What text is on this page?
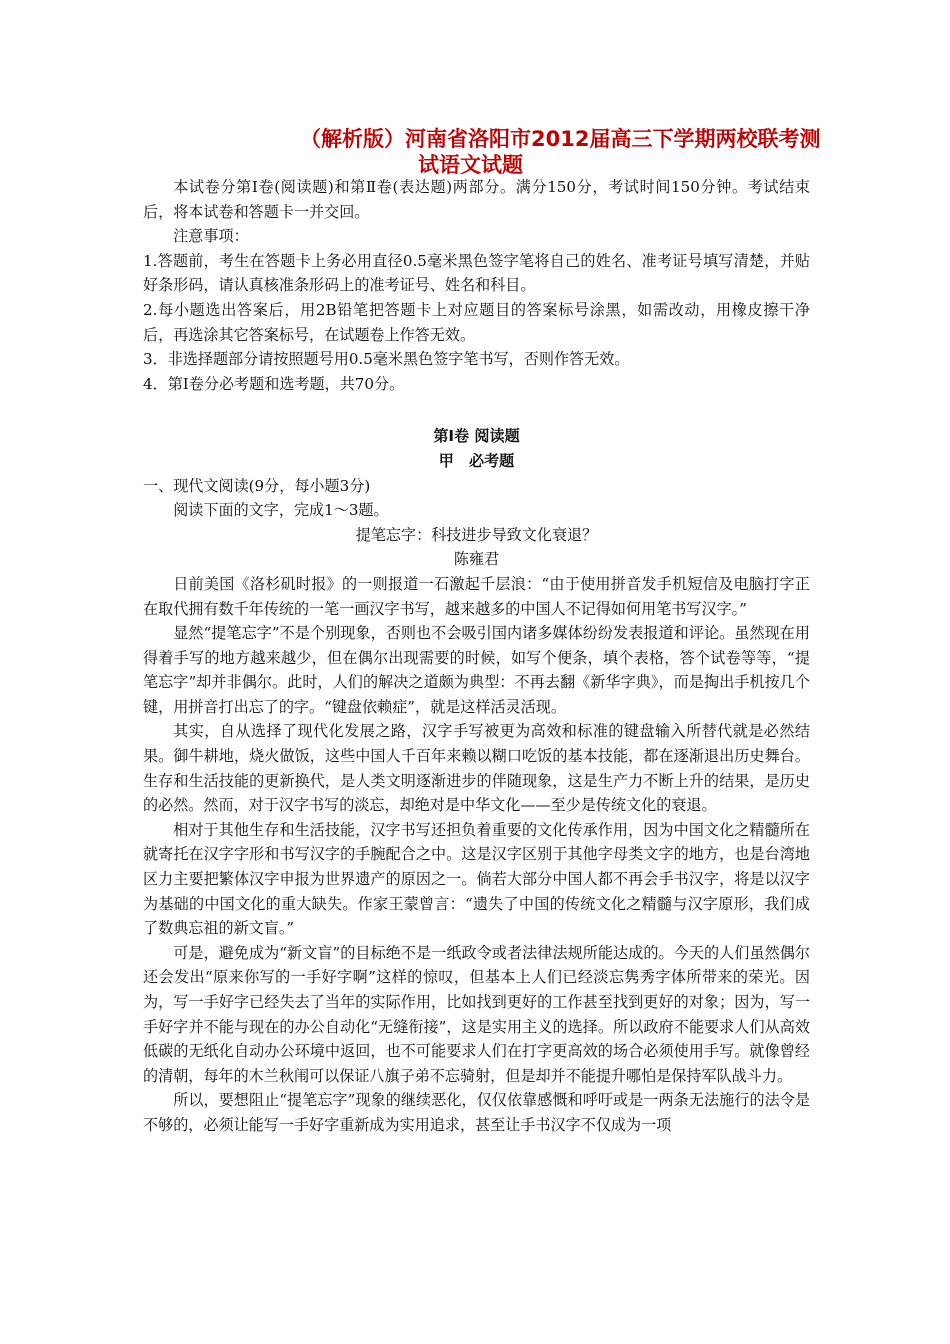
（解析版）河南省洛阳市2012届高三下学期两校联考测
试语文试题

本试卷分第Ⅰ卷(阅读题)和第Ⅱ卷(表达题)两部分。满分150分，考试时间150分钟。考试结束后，将本试卷和答题卡一并交回。

注意事项：

1.答题前，考生在答题卡上务必用直径0.5毫米黑色签字笔将自己的姓名、准考证号填写清楚，并贴好条形码，请认真核准条形码上的准考证号、姓名和科目。

2.每小题选出答案后，用2B铅笔把答题卡上对应题目的答案标号涂黑，如需改动，用橡皮擦干净后，再选涂其它答案标号，在试题卷上作答无效。

3．非选择题部分请按照题号用0.5毫米黑色签字笔书写，否则作答无效。

4．第Ⅰ卷分必考题和选考题，共70分。

第Ⅰ卷 阅读题

甲　必考题

一、现代文阅读(9分，每小题3分)

阅读下面的文字，完成1～3题。

提笔忘字：科技进步导致文化衰退？

陈雍君

日前美国《洛杉矶时报》的一则报道一石激起千层浪：“由于使用拼音发手机短信及电脑打字正在取代拥有数千年传统的一笔一画汉字书写，越来越多的中国人不记得如何用笔书写汉字。”

显然“提笔忘字”不是个别现象，否则也不会吸引国内诸多媒体纷纷发表报道和评论。虽然现在用得着手写的地方越来越少，但在偶尔出现需要的时候，如写个便条，填个表格，答个试卷等等，“提笔忘字”却并非偶尔。此时，人们的解决之道颇为典型：不再去翻《新华字典》，而是掏出手机按几个键，用拼音打出忘了的字。“键盘依赖症”，就是这样活灵活现。

其实，自从选择了现代化发展之路，汉字手写被更为高效和标准的键盘输入所替代就是必然结果。御牛耕地，烧火做饭，这些中国人千百年来赖以糊口吃饭的基本技能，都在逐渐退出历史舞台。生存和生活技能的更新换代，是人类文明逐渐进步的伴随现象，这是生产力不断上升的结果，是历史的必然。然而，对于汉字书写的淡忘，却绝对是中华文化——至少是传统文化的衰退。

相对于其他生存和生活技能，汉字书写还担负着重要的文化传承作用，因为中国文化之精髓所在就寄托在汉字字形和书写汉字的手腕配合之中。这是汉字区别于其他字母类文字的地方，也是台湾地区力主要把繁体汉字申报为世界遗产的原因之一。倘若大部分中国人都不再会手书汉字，将是以汉字为基础的中国文化的重大缺失。作家王蒙曾言：“遗失了中国的传统文化之精髓与汉字原形，我们成了数典忘祖的新文盲。”

可是，避免成为“新文盲”的目标绝不是一纸政令或者法律法规所能达成的。今天的人们虽然偶尔还会发出“原来你写的一手好字啊”这样的惊叹，但基本上人们已经淡忘隽秀字体所带来的荣光。因为，写一手好字已经失去了当年的实际作用，比如找到更好的工作甚至找到更好的对象；因为，写一手好字并不能与现在的办公自动化“无缝衔接”，这是实用主义的选择。所以政府不能要求人们从高效低碳的无纸化自动办公环境中返回，也不可能要求人们在打字更高效的场合必须使用手写。就像曾经的清朝，每年的木兰秋闱可以保证八旗子弟不忘骑射，但是却并不能提升哪怕是保持军队战斗力。

所以，要想阻止“提笔忘字”现象的继续恶化，仅仅依靠感慨和呼吁或是一两条无法施行的法令是不够的，必须让能写一手好字重新成为实用追求，甚至让手书汉字不仅成为一项
